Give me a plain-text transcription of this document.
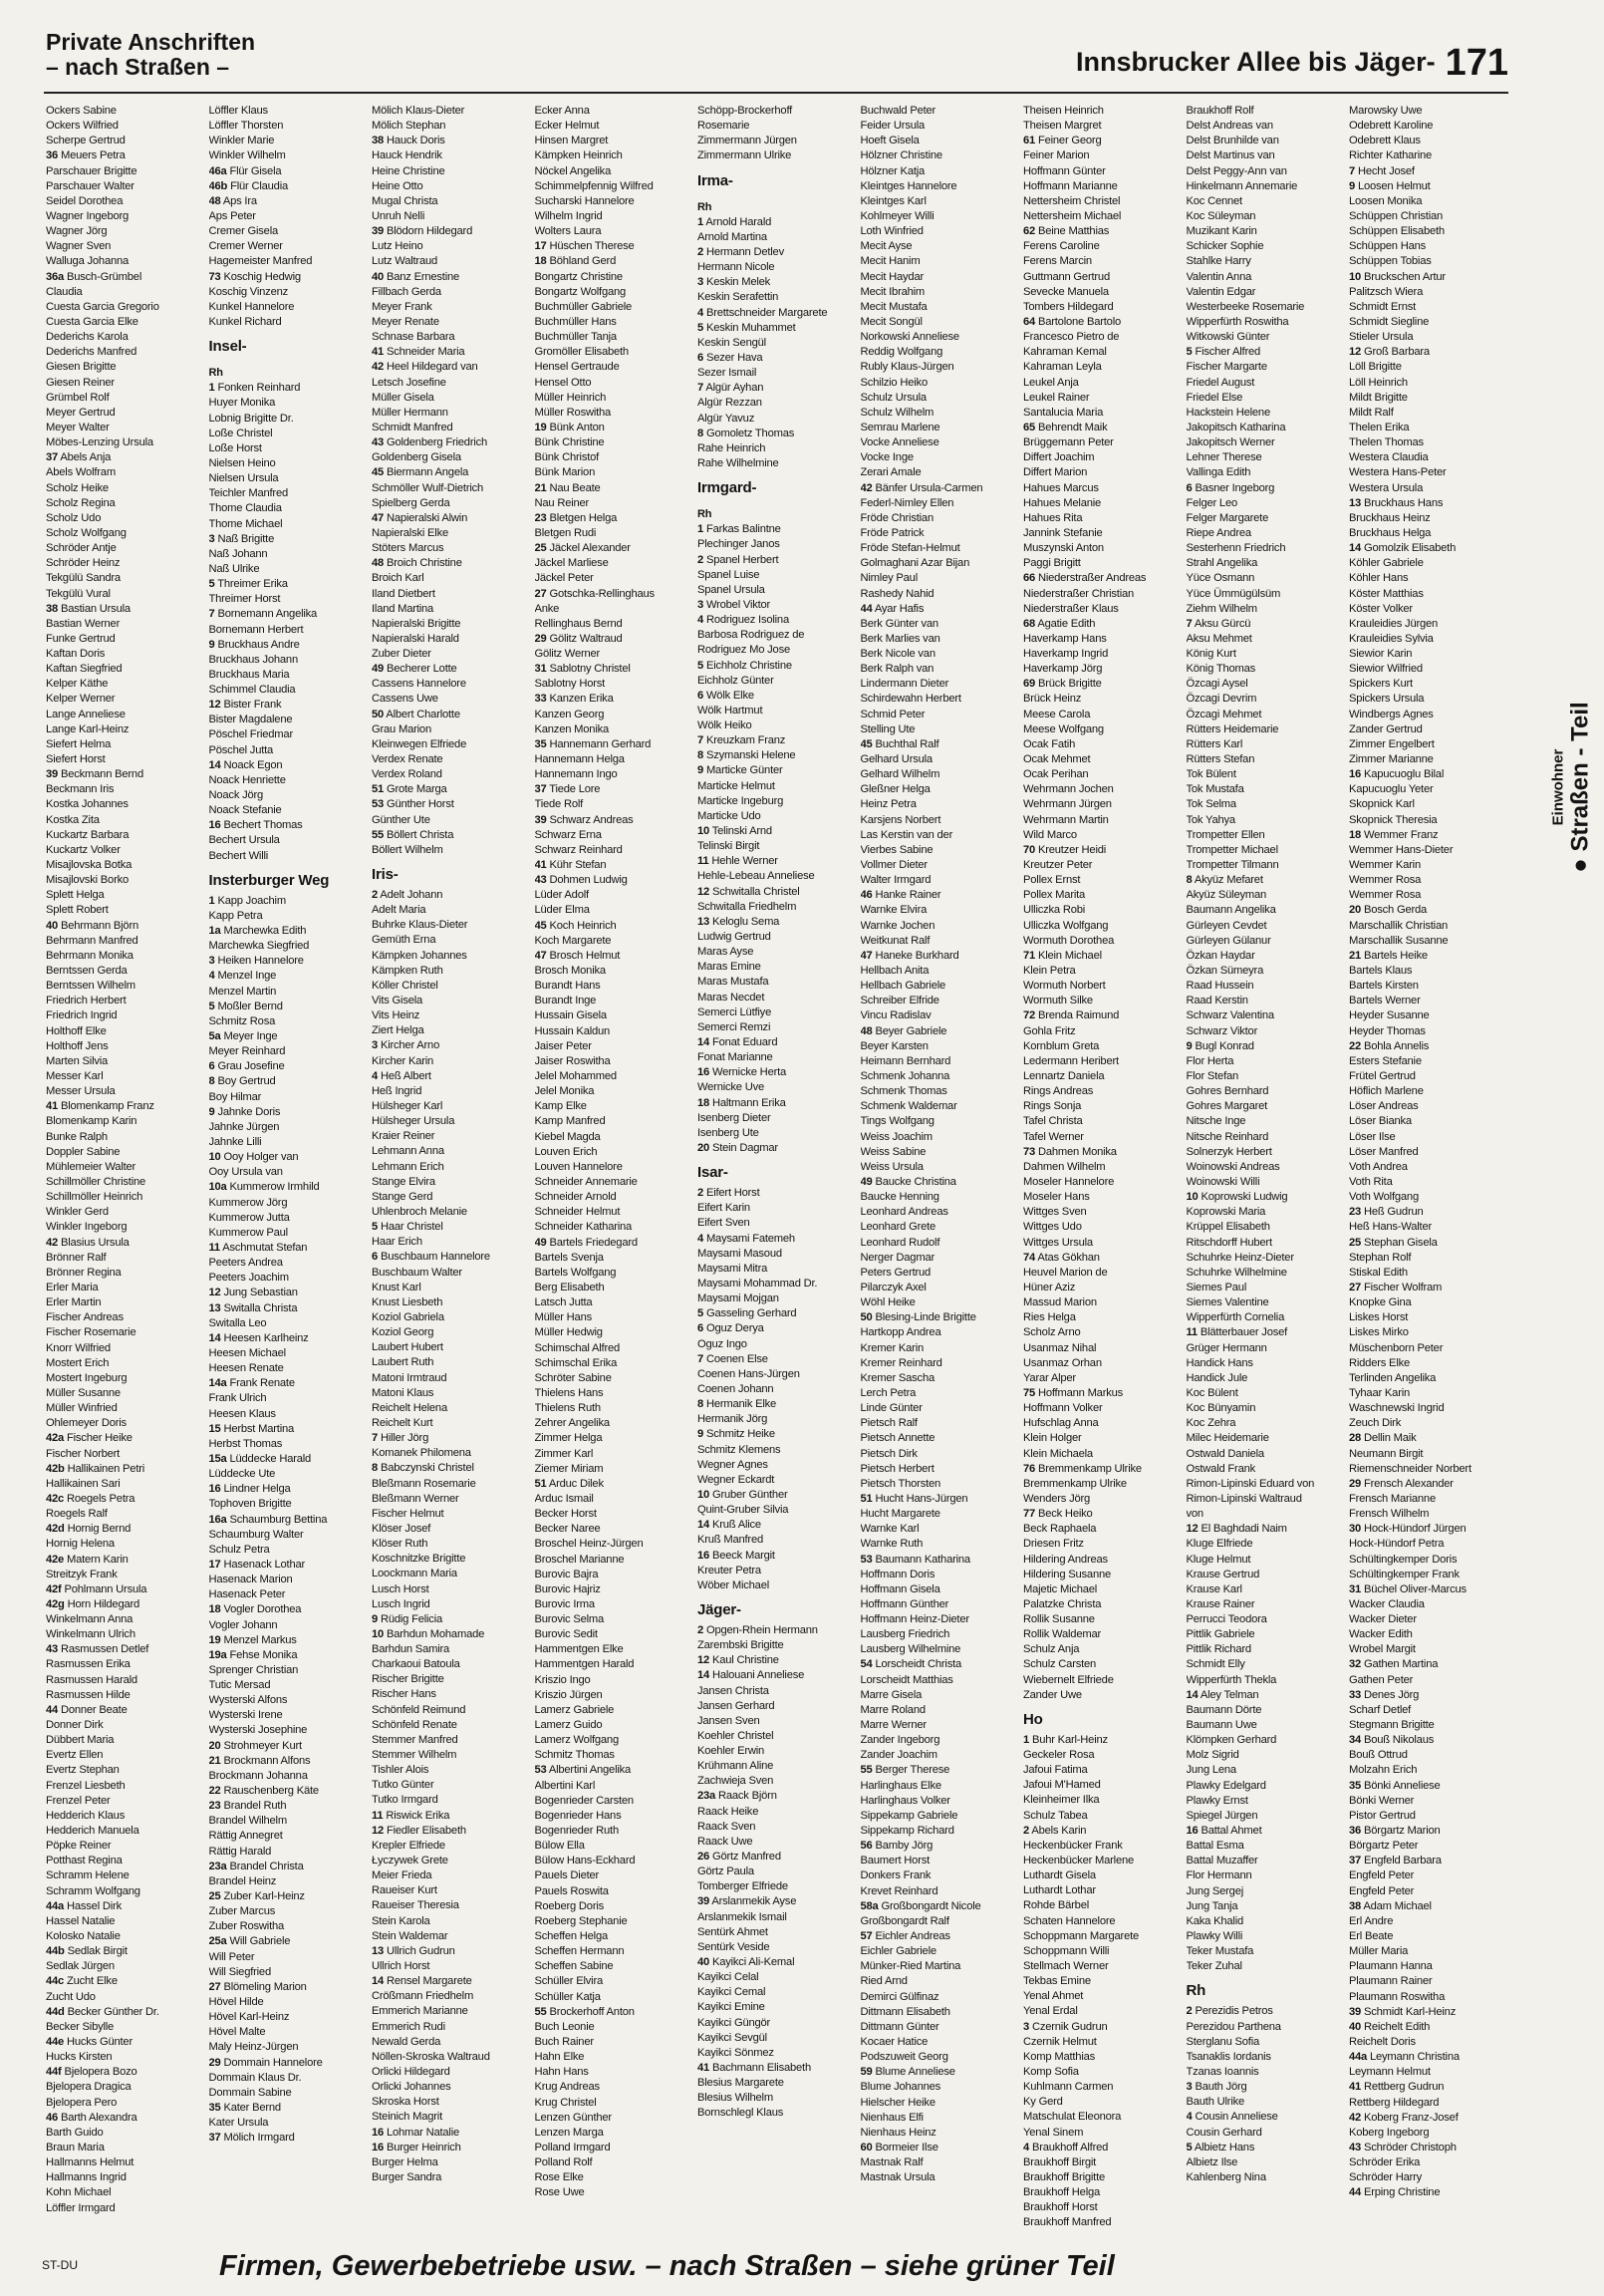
Private Anschriften
– nach Straßen –	Innsbrucker Allee bis Jäger- 171
Ockers Sabine
Ockers Wilfried
Scherpe Gertrud
36 Meuers Petra
Parschauer Brigitte
Parschauer Walter
Seidel Dorothea
Wagner Ingeborg
Wagner Jörg
Wagner Sven
Walluga Johanna
36a Busch-Grümbel
Claudia
Cuesta Garcia Gregorio
Cuesta Garcia Elke
Dederichs Karola
Dederichs Manfred
Giesen Brigitte
Giesen Reiner
Grümbel Rolf
Meyer Gertrud
Meyer Walter
Möbes-Lenzing Ursula
37 Abels Anja
Abels Wolfram
Scholz Heike
Scholz Regina
Scholz Udo
Scholz Wolfgang
Schröder Antje
Schröder Heinz
Tekgülü Sandra
Tekgülü Vural
38 Bastian Ursula
Bastian Werner
Funke Gertrud
Kaftan Doris
Kaftan Siegfried
Kelper Käthe
Kelper Werner
Lange Anneliese
Lange Karl-Heinz
Siefert Helma
Siefert Horst
39 Beckmann Bernd
Beckmann Iris
Kostka Johannes
Kostka Zita
Kuckartz Barbara
Kuckartz Volker
Misajlovska Botka
Misajlovski Borko
Splett Helga
Splett Robert
40 Behrmann Björn
Behrmann Manfred
Behrmann Monika
Berntssen Gerda
Berntssen Wilhelm
Friedrich Herbert
Friedrich Ingrid
Holthoff Elke
Holthoff Jens
Marten Silvia
Messer Karl
Messer Ursula
41 Blomenkamp Franz
Blomenkamp Karin
Bunke Ralph
Doppler Sabine
Mühlemeier Walter
Schillmöller Christine
Schillmöller Heinrich
Winkler Gerd
Winkler Ingeborg
42 Blasius Ursula
Brönner Ralf
Brönner Regina
Erler Maria
Erler Martin
Fischer Andreas
Fischer Rosemarie
Knorr Wilfried
Mostert Erich
Mostert Ingeburg
Müller Susanne
Müller Winfried
Ohlemeyer Doris
42a Fischer Heike
Fischer Norbert
42b Hallikainen Petri
Hallikainen Sari
42c Roegels Petra
Roegels Ralf
42d Hornig Bernd
Hornig Helena
42e Matern Karin
Streitzyk Frank
42f Pohlmann Ursula
42g Horn Hildegard
Winkelmann Anna
Winkelmann Ulrich
43 Rasmussen Detlef
Rasmussen Erika
Rasmussen Harald
Rasmussen Hilde
44 Donner Beate
Donner Dirk
Dübbert Maria
Evertz Ellen
Evertz Stephan
Frenzel Liesbeth
Frenzel Peter
Hedderich Klaus
Hedderich Manuela
Pöpke Reiner
Potthast Regina
Schramm Helene
Schramm Wolfgang
44a Hassel Dirk
Hassel Natalie
Kolosko Natalie
44b Sedlak Birgit
Sedlak Jürgen
44c Zucht Elke
Zucht Udo
44d Becker Günther Dr.
Becker Sibylle
44e Hucks Günter
Hucks Kirsten
44f Bjelopera Bozo
Bjelopera Dragica
Bjelopera Pero
46 Barth Alexandra
Barth Guido
Braun Maria
Hallmanns Helmut
Hallmanns Ingrid
Kohn Michael
Löffler Irmgard
Löffler Klaus
Löffler Thorsten
Winkler Marie
Winkler Wilhelm
46a Flür Gisela
46b Flür Claudia
48 Aps Ira
Aps Peter
Cremer Gisela
Cremer Werner
Hagemeister Manfred
73 Koschig Hedwig
Koschig Vinzenz
Kunkel Hannelore
Kunkel Richard
Insel-
Rh
1 Fonken Reinhard
Huyer Monika
Lobnig Brigitte Dr.
Loße Christel
Loße Horst
Nielsen Heino
Nielsen Ursula
Teichler Manfred
Thome Claudia
Thome Michael
3 Naß Brigitte
Naß Johann
Naß Ulrike
5 Threimer Erika
Threimer Horst
7 Bornemann Angelika
Bornemann Herbert
9 Bruckhaus Andre
Bruckhaus Johann
Bruckhaus Maria
Schimmel Claudia
12 Bister Frank
Bister Magdalene
Pöschel Friedmar
Pöschel Jutta
14 Noack Egon
Noack Henriette
Noack Jörg
Noack Stefanie
16 Bechert Thomas
Bechert Ursula
Bechert Willi
Insterburger Weg
1 Kapp Joachim
Kapp Petra
1a Marchewka Edith
Marchewka Siegfried
3 Heiken Hannelore
4 Menzel Inge
Menzel Martin
5 Moßler Bernd
Schmitz Rosa
5a Meyer Inge
Meyer Reinhard
6 Grau Josefine
8 Boy Gertrud
Boy Hilmar
9 Jahnke Doris
Jahnke Jürgen
Jahnke Lilli
10 Ooy Holger van
Ooy Ursula van
10a Kummerow Irmhild
Kummerow Jörg
Kummerow Jutta
Kummerow Paul
11 Aschmutat Stefan
Peeters Andrea
Peeters Joachim
12 Jung Sebastian
13 Switalla Christa
Switalla Leo
14 Heesen Karlheinz
Heesen Michael
Heesen Renate
14a Frank Renate
Frank Ulrich
Heesen Klaus
15 Herbst Martina
Herbst Thomas
15a Lüddecke Harald
Lüddecke Ute
16 Lindner Helga
Tophoven Brigitte
16a Schaumburg Bettina
Schaumburg Walter
Schulz Petra
17 Hasenack Lothar
Hasenack Marion
Hasenack Peter
18 Vogler Dorothea
Vogler Johann
19 Menzel Markus
19a Fehse Monika
Sprenger Christian
Tutic Mersad
Wysterski Alfons
Wysterski Irene
Wysterski Josephine
20 Strohmeyer Kurt
21 Brockmann Alfons
Brockmann Johanna
22 Rauschenberg Käte
23 Brandel Ruth
Brandel Wilhelm
Rättig Annegret
Rättig Harald
23a Brandel Christa
Brandel Heinz
25 Zuber Karl-Heinz
Zuber Marcus
Zuber Roswitha
25a Will Gabriele
Will Peter
Will Siegfried
27 Blömeling Marion
Hövel Hilde
Hövel Karl-Heinz
Hövel Malte
Maly Heinz-Jürgen
29 Dommain Hannelore
Dommain Klaus Dr.
Dommain Sabine
35 Kater Bernd
Kater Ursula
37 Mölich Irmgard
Mölich Klaus-Dieter
Mölich Stephan
38 Hauck Doris
Hauck Hendrik
Heine Christine
Heine Otto
Mugal Christa
Unruh Nelli
39 Blödorn Hildegard
Lutz Heino
Lutz Waltraud
40 Banz Ernestine
Fillbach Gerda
Meyer Frank
Meyer Renate
Schnase Barbara
41 Schneider Maria
42 Heel Hildegard van
Letsch Josefine
Müller Gisela
Müller Hermann
Schmidt Manfred
43 Goldenberg Friedrich
Goldenberg Gisela
45 Biermann Angela
Schmöller Wulf-Dietrich
Spielberg Gerda
47 Napieralski Alwin
Napieralski Elke
Stöters Marcus
48 Broich Christine
Broich Karl
Iland Dietbert
Iland Martina
Napieralski Brigitte
Napieralski Harald
Zuber Dieter
49 Becherer Lotte
Cassens Hannelore
Cassens Uwe
50 Albert Charlotte
Grau Marion
Kleinwegen Elfriede
Verdex Renate
Verdex Roland
51 Grote Marga
53 Günther Horst
Günther Ute
55 Böllert Christa
Böllert Wilhelm
Iris-
2 Adelt Johann
Adelt Maria
Buhrke Klaus-Dieter
Gemüth Erna
Kämpken Johannes
Kämpken Ruth
Köller Christel
Vits Gisela
Vits Heinz
Ziert Helga
3 Kircher Arno
Kircher Karin
4 Heß Albert
Heß Ingrid
Hülsheger Karl
Hülsheger Ursula
Kraier Reiner
Lehmann Anna
Lehmann Erich
Stange Elvira
Stange Gerd
Uhlenbroch Melanie
5 Haar Christel
Haar Erich
6 Buschbaum Hannelore
Buschbaum Walter
Knust Karl
Knust Liesbeth
Koziol Gabriela
Koziol Georg
Laubert Hubert
Laubert Ruth
Matoni Irmtraud
Matoni Klaus
Reichelt Helena
Reichelt Kurt
7 Hiller Jörg
Komanek Philomena
8 Babczynski Christel
Bleßmann Rosemarie
Bleßmann Werner
Fischer Helmut
Klöser Josef
Klöser Ruth
Koschnitzke Brigitte
Loockmann Maria
Lusch Horst
Lusch Ingrid
9 Rüdig Felicia
10 Barhdun Mohamade
Barhdun Samira
Charkaoui Batoula
Rischer Brigitte
Rischer Hans
Schönfeld Reimund
Schönfeld Renate
Stemmer Manfred
Stemmer Wilhelm
Tishler Alois
Tutko Günter
Tutko Irmgard
11 Riswick Erika
12 Fiedler Elisabeth
Krepler Elfriede
Łyczywek Grete
Meier Frieda
Raueiser Kurt
Raueiser Theresia
Stein Karola
Stein Waldemar
13 Ullrich Gudrun
Ullrich Horst
14 Rensel Margarete
Crößmann Friedhelm
Emmerich Marianne
Emmerich Rudi
Newald Gerda
Nöllen-Skroska Waltraud
Orlicki Hildegard
Orlicki Johannes
Skroska Horst
Steinich Magrit
16 Lohmar Natalie
16 Burger Heinrich
Burger Helma
Burger Sandra
Ecker Anna
Ecker Helmut
Hinsen Margret
Kämpken Heinrich
Nöckel Angelika
Schimmelpfennig Wilfred
Sucharski Hannelore
Wilhelm Ingrid
Wolters Laura
17 Hüschen Therese
18 Böhland Gerd
Bongartz Christine
Bongartz Wolfgang
Buchmüller Gabriele
Buchmüller Hans
Buchmüller Tanja
Gromöller Elisabeth
Hensel Gertraude
Hensel Otto
Müller Heinrich
Müller Roswitha
19 Bünk Anton
Bünk Christine
Bünk Christof
Bünk Marion
21 Nau Beate
Nau Reiner
23 Bletgen Helga
Bletgen Rudi
25 Jäckel Alexander
Jäckel Marliese
Jäckel Peter
27 Gotschka-Rellinghaus
Anke
Rellinghaus Bernd
29 Gölitz Waltraud
Gölitz Werner
31 Sablotny Christel
Sablotny Horst
33 Kanzen Erika
Kanzen Georg
Kanzen Monika
35 Hannemann Gerhard
Hannemann Helga
Hannemann Ingo
37 Tiede Lore
Tiede Rolf
39 Schwarz Andreas
Schwarz Erna
Schwarz Reinhard
41 Kühr Stefan
43 Dohmen Ludwig
Lüder Adolf
Lüder Elma
45 Koch Heinrich
Koch Margarete
47 Brosch Helmut
Brosch Monika
Burandt Hans
Burandt Inge
Hussain Gisela
Hussain Kaldun
Jaiser Peter
Jaiser Roswitha
Jelel Mohammed
Jelel Monika
Kamp Elke
Kamp Manfred
Kiebel Magda
Louven Erich
Louven Hannelore
Schneider Annemarie
Schneider Arnold
Schneider Helmut
Schneider Katharina
49 Bartels Friedegard
Bartels Svenja
Bartels Wolfgang
Berg Elisabeth
Latsch Jutta
Müller Hans
Müller Hedwig
Schimschal Alfred
Schimschal Erika
Schröter Sabine
Thielens Hans
Thielens Ruth
Zehrer Angelika
Zimmer Helga
Zimmer Karl
Ziemer Miriam
51 Arduc Dilek
Arduc Ismail
Becker Horst
Becker Naree
Broschel Heinz-Jürgen
Broschel Marianne
Burovic Bajra
Burovic Hajriz
Burovic Irma
Burovic Selma
Burovic Sedit
Hammentgen Elke
Hammentgen Harald
Kriszio Ingo
Kriszio Jürgen
Lamerz Gabriele
Lamerz Guido
Lamerz Wolfgang
Schmitz Thomas
53 Albertini Angelika
Albertini Karl
Bogenrieder Carsten
Bogenrieder Hans
Bogenrieder Ruth
Bülow Ella
Bülow Hans-Eckhard
Pauels Dieter
Pauels Roswita
Roeberg Doris
Roeberg Stephanie
Scheffen Helga
Scheffen Hermann
Scheffen Sabine
Schüller Elvira
Schüller Katja
55 Brockerhoff Anton
Buch Leonie
Buch Rainer
Hahn Elke
Hahn Hans
Krug Andreas
Krug Christel
Lenzen Günther
Lenzen Marga
Polland Irmgard
Polland Rolf
Rose Elke
Rose Uwe
Schöpp-Brockerhoff
Rosemarie
Zimmermann Jürgen
Zimmermann Ulrike
Irma-
Rh
1 Arnold Harald
Arnold Martina
2 Hermann Detlev
Hermann Nicole
3 Keskin Melek
Keskin Serafettin
4 Brettschneider Margarete
5 Keskin Muhammet
Keskin Sengül
6 Sezer Hava
Sezer Ismail
7 Algür Ayhan
Algür Rezzan
Algür Yavuz
8 Gomoletz Thomas
Rahe Heinrich
Rahe Wilhelmine
Irmgard-
Rh
1 Farkas Balintne
Plechinger Janos
2 Spanel Herbert
Spanel Luise
Spanel Ursula
3 Wrobel Viktor
4 Rodriguez Isolina
Barbosa Rodriguez de
Rodriguez Mo Jose
5 Eichholz Christine
Eichholz Günter
6 Wölk Elke
Wölk Hartmut
Wölk Heiko
7 Kreuzkam Franz
8 Szymanski Helene
9 Marticke Günter
Marticke Helmut
Marticke Ingeburg
Marticke Udo
10 Telinski Arnd
Telinski Birgit
11 Hehle Werner
Hehle-Lebeau Anneliese
12 Schwitalla Christel
Schwitalla Friedhelm
13 Keloglu Sema
Ludwig Gertrud
Maras Ayse
Maras Emine
Maras Mustafa
Maras Necdet
Semerci Lütfiye
Semerci Remzi
14 Fonat Eduard
Fonat Marianne
16 Wernicke Herta
Wernicke Uve
18 Haltmann Erika
Isenberg Dieter
Isenberg Ute
20 Stein Dagmar
Isar-
2 Eifert Horst
Eifert Karin
Eifert Sven
4 Maysami Fatemeh
Maysami Masoud
Maysami Mitra
Maysami Mohammad Dr.
Maysami Mojgan
5 Gasseling Gerhard
6 Oguz Derya
Oguz Ingo
7 Coenen Else
Coenen Hans-Jürgen
Coenen Johann
8 Hermanik Elke
Hermanik Jörg
9 Schmitz Heike
Schmitz Klemens
Wegner Agnes
Wegner Eckardt
10 Gruber Günther
Quint-Gruber Silvia
14 Kruß Alice
Kruß Manfred
16 Beeck Margit
Kreuter Petra
Wöber Michael
Jäger-
2 Opgen-Rhein Hermann
Zarembski Brigitte
12 Kaul Christine
14 Halouani Anneliese
Jansen Christa
Jansen Gerhard
Jansen Sven
Koehler Christel
Koehler Erwin
Krühmann Aline
Zachwieja Sven
23a Raack Björn
Raack Heike
Raack Sven
Raack Uwe
26 Görtz Manfred
Görtz Paula
Tomberger Elfriede
39 Arslanmekik Ayse
Arslanmekik Ismail
Sentürk Ahmet
Sentürk Veside
40 Kayikci Ali-Kemal
Kayikci Celal
Kayikci Cemal
Kayikci Emine
Kayikci Güngör
Kayikci Sevgül
Kayikci Sönmez
41 Bachmann Elisabeth
Blesius Margarete
Blesius Wilhelm
Bornschlegl Klaus
Buchwald Peter
Feider Ursula
Hoeft Gisela
Hölzner Christine
Hölzner Katja
Kleintges Hannelore
Kleintges Karl
Kohlmeyer Willi
Loth Winfried
Mecit Ayse
Mecit Hanim
Mecit Haydar
Mecit Ibrahim
Mecit Mustafa
Mecit Songül
Norkowski Anneliese
Reddig Wolfgang
Rubly Klaus-Jürgen
Schilzio Heiko
Schulz Ursula
Schulz Wilhelm
Semrau Marlene
Vocke Anneliese
Vocke Inge
Zerari Amale
42 Bänfer Ursula-Carmen
Federl-Nimley Ellen
Fröde Christian
Fröde Patrick
Fröde Stefan-Helmut
Golmaghani Azar Bijan
Nimley Paul
Rashedy Nahid
44 Ayar Hafis
Berk Günter van
Berk Marlies van
Berk Nicole van
Berk Ralph van
Lindermann Dieter
Schirdewahn Herbert
Schmid Peter
Stelling Ute
45 Buchthal Ralf
Gelhard Ursula
Gelhard Wilhelm
Gleßner Helga
Heinz Petra
Karsjens Norbert
Las Kerstin van der
Vierbes Sabine
Vollmer Dieter
Walter Irmgard
46 Hanke Rainer
Warnke Elvira
Warnke Jochen
Weitkunat Ralf
47 Haneke Burkhard
Hellbach Anita
Hellbach Gabriele
Schreiber Elfride
Vincu Radislav
48 Beyer Gabriele
Beyer Karsten
Heimann Bernhard
Schmenk Johanna
Schmenk Thomas
Schmenk Waldemar
Tings Wolfgang
Weiss Joachim
Weiss Sabine
Weiss Ursula
49 Baucke Christina
Baucke Henning
Leonhard Andreas
Leonhard Grete
Leonhard Rudolf
Nerger Dagmar
Peters Gertrud
Pilarczyk Axel
Wöhl Heike
50 Blesing-Linde Brigitte
Hartkopp Andrea
Kremer Karin
Kremer Reinhard
Kremer Sascha
Lerch Petra
Linde Günter
Pietsch Ralf
Pietsch Annette
Pietsch Dirk
Pietsch Herbert
Pietsch Thorsten
51 Hucht Hans-Jürgen
Hucht Margarete
Warnke Karl
Warnke Ruth
53 Baumann Katharina
Hoffmann Doris
Hoffmann Gisela
Hoffmann Günther
Hoffmann Heinz-Dieter
Lausberg Friedrich
Lausberg Wilhelmine
54 Lorscheidt Christa
Lorscheidt Matthias
Marre Gisela
Marre Roland
Marre Werner
Zander Ingeborg
Zander Joachim
55 Berger Therese
Harlinghaus Elke
Harlinghaus Volker
Sippekamp Gabriele
Sippekamp Richard
56 Bamby Jörg
Baumert Horst
Donkers Frank
Krevet Reinhard
58a Großbongardt Nicole
Großbongardt Ralf
57 Eichler Andreas
Eichler Gabriele
Münker-Ried Martina
Ried Arnd
Demirci Gülfinaz
Dittmann Elisabeth
Dittmann Günter
Kocaer Hatice
Podszuweit Georg
59 Blume Anneliese
Blume Johannes
Hielscher Heike
Nienhaus Elfi
Nienhaus Heinz
60 Bormeier Ilse
Mastnak Ralf
Mastnak Ursula
Theisen Heinrich
Theisen Margret
61 Feiner Georg
Feiner Marion
Hoffmann Günter
Hoffmann Marianne
Nettersheim Christel
Nettersheim Michael
62 Beine Matthias
Ferens Caroline
Ferens Marcin
Guttmann Gertrud
Sevecke Manuela
Tombers Hildegard
64 Bartolone Bartolo
Francesco Pietro de
Kahraman Kemal
Kahraman Leyla
Leukel Anja
Leukel Rainer
Santalucia Maria
65 Behrendt Maik
Brüggemann Peter
Differt Joachim
Differt Marion
Hahues Marcus
Hahues Melanie
Hahues Rita
Jannink Stefanie
Muszynski Anton
Paggi Brigitt
66 Niederstraßer Andreas
Niederstraßer Christian
Niederstraßer Klaus
68 Agatie Edith
Haverkamp Hans
Haverkamp Ingrid
Haverkamp Jörg
69 Brück Brigitte
Brück Heinz
Meese Carola
Meese Wolfgang
Ocak Fatih
Ocak Mehmet
Ocak Perihan
Wehrmann Jochen
Wehrmann Jürgen
Wehrmann Martin
Wild Marco
70 Kreutzer Heidi
Kreutzer Peter
Pollex Ernst
Pollex Marita
Ulliczka Robi
Ulliczka Wolfgang
Wormuth Dorothea
71 Klein Michael
Klein Petra
Wormuth Norbert
Wormuth Silke
72 Brenda Raimund
Gohla Fritz
Kornblum Greta
Ledermann Heribert
Lennartz Daniela
Rings Andreas
Rings Sonja
Tafel Christa
Tafel Werner
73 Dahmen Monika
Dahmen Wilhelm
Moseler Hannelore
Moseler Hans
Wittges Sven
Wittges Udo
Wittges Ursula
74 Atas Gökhan
Heuvel Marion de
Hüner Aziz
Massud Marion
Ries Helga
Scholz Arno
Usanmaz Nihal
Usanmaz Orhan
Yarar Alper
75 Hoffmann Markus
Hoffmann Volker
Hufschlag Anna
Klein Holger
Klein Michaela
76 Bremmenkamp Ulrike
Bremmenkamp Ulrike
Wenders Jörg
77 Beck Heiko
Beck Raphaela
Driesen Fritz
Hildering Andreas
Hildering Susanne
Majetic Michael
Palatzke Christa
Rollik Susanne
Rollik Waldemar
Schulz Anja
Schulz Carsten
Wiebernelt Elfriede
Zander Uwe
Ho
1 Buhr Karl-Heinz
Geckeler Rosa
Jafoui Fatima
Jafoui M'Hamed
Kleinheimer Ilka
Schulz Tabea
2 Abels Karin
Heckenbücker Frank
Heckenbücker Marlene
Luthardt Gisela
Luthardt Lothar
Rohde Bärbel
Schaten Hannelore
Schoppmann Margarete
Schoppmann Willi
Stellmach Werner
Tekbas Emine
Yenal Ahmet
Yenal Erdal
3 Czernik Gudrun
Czernik Helmut
Komp Matthias
Komp Sofia
Kuhlmann Carmen
Ky Gerd
Matschulat Eleonora
Yenal Sinem
4 Braukhoff Alfred
Braukhoff Birgit
Braukhoff Brigitte
Braukhoff Helga
Braukhoff Horst
Braukhoff Manfred
Braukhoff Rolf
Delst Andreas van
Delst Brunhilde van
Delst Martinus van
Delst Peggy-Ann van
Hinkelmann Annemarie
Koc Cennet
Koc Süleyman
Muzikant Karin
Schicker Sophie
Stahlke Harry
Valentin Anna
Valentin Edgar
Westerbeeke Rosemarie
Wipperfürth Roswitha
Witkowski Günter
5 Fischer Alfred
Fischer Margarte
Friedel August
Friedel Else
Hackstein Helene
Jakopitsch Katharina
Jakopitsch Werner
Lehner Therese
Vallinga Edith
6 Basner Ingeborg
Felger Leo
Felger Margarete
Riepe Andrea
Sesterhenn Friedrich
Strahl Angelika
Yüce Osmann
Yüce Ümmügülsüm
Ziehm Wilhelm
7 Aksu Gürcü
Aksu Mehmet
König Kurt
König Thomas
Özcagi Aysel
Özcagi Devrim
Özcagi Mehmet
Rütters Heidemarie
Rütters Karl
Rütters Stefan
Tok Bülent
Tok Mustafa
Tok Selma
Tok Yahya
Trompetter Ellen
Trompetter Michael
Trompetter Tilmann
8 Akyüz Mefaret
Akyüz Süleyman
Baumann Angelika
Gürleyen Cevdet
Gürleyen Gülanur
Özkan Haydar
Özkan Sümeyra
Raad Hussein
Raad Kerstin
Schwarz Valentina
Schwarz Viktor
9 Bugl Konrad
Flor Herta
Flor Stefan
Gohres Bernhard
Gohres Margaret
Nitsche Inge
Nitsche Reinhard
Solnerzyk Herbert
Woinowski Andreas
Woinowski Willi
10 Koprowski Ludwig
Koprowski Maria
Krüppel Elisabeth
Ritschdorff Hubert
Schuhrke Heinz-Dieter
Schuhrke Wilhelmine
Siemes Paul
Siemes Valentine
Wipperfürth Cornelia
11 Blätterbauer Josef
Grüger Hermann
Handick Hans
Handick Jule
Koc Bülent
Koc Bünyamin
Koc Zehra
Milec Heidemarie
Ostwald Daniela
Ostwald Frank
Rimon-Lipinski Eduard von
Rimon-Lipinski Waltraud
von
12 El Baghdadi Naim
Kluge Elfriede
Kluge Helmut
Krause Gertrud
Krause Karl
Krause Rainer
Perrucci Teodora
Pittlik Gabriele
Pittlik Richard
Schmidt Elly
Wipperfürth Thekla
14 Aley Telman
Baumann Dörte
Baumann Uwe
Klömpken Gerhard
Molz Sigrid
Jung Lena
Plawky Edelgard
Plawky Ernst
Spiegel Jürgen
16 Battal Ahmet
Battal Esma
Battal Muzaffer
Flor Hermann
Jung Sergej
Jung Tanja
Kaka Khalid
Plawky Willi
Teker Mustafa
Teker Zuhal
Rh
2 Perezidis Petros
Perezidou Parthena
Sterglanu Sofia
Tsanaklis Iordanis
Tzanas Ioannis
3 Bauth Jörg
Bauth Ulrike
4 Cousin Anneliese
Cousin Gerhard
5 Albietz Hans
Albietz Ilse
Kahlenberg Nina
Marowsky Uwe
Odebrett Karoline
Odebrett Klaus
Richter Katharine
7 Hecht Josef
9 Loosen Helmut
Loosen Monika
Schüppen Christian
Schüppen Elisabeth
Schüppen Hans
Schüppen Tobias
10 Bruckschen Artur
Palitzsch Wiera
Schmidt Ernst
Schmidt Siegline
Stieler Ursula
12 Groß Barbara
Löll Brigitte
Löll Heinrich
Mildt Brigitte
Mildt Ralf
Thelen Erika
Thelen Thomas
Westera Claudia
Westera Hans-Peter
Westera Ursula
13 Bruckhaus Hans
Bruckhaus Heinz
Bruckhaus Helga
14 Gomolzik Elisabeth
Köhler Gabriele
Köhler Hans
Köster Matthias
Köster Volker
Krauleidies Jürgen
Krauleidies Sylvia
Siewior Karin
Siewior Wilfried
Spickers Kurt
Spickers Ursula
Windbergs Agnes
Zander Gertrud
Zimmer Engelbert
Zimmer Marianne
16 Kapucuoglu Bilal
Kapucuoglu Yeter
Skopnick Karl
Skopnick Theresia
18 Wemmer Franz
Wemmer Hans-Dieter
Wemmer Karin
Wemmer Rosa
Wemmer Rosa
20 Bosch Gerda
Marschallik Christian
Marschallik Susanne
21 Bartels Heike
Bartels Klaus
Bartels Kirsten
Bartels Werner
Heyder Susanne
Heyder Thomas
22 Bohla Annelis
Esters Stefanie
Frütel Gertrud
Höflich Marlene
Löser Andreas
Löser Bianka
Löser Ilse
Löser Manfred
Voth Andrea
Voth Rita
Voth Wolfgang
23 Heß Gudrun
Heß Hans-Walter
25 Stephan Gisela
Stephan Rolf
Stiskal Edith
27 Fischer Wolfram
Knopke Gina
Liskes Horst
Liskes Mirko
Müschenborn Peter
Ridders Elke
Terlinden Angelika
Tyhaar Karin
Waschnewski Ingrid
Zeuch Dirk
28 Dellin Maik
Neumann Birgit
Riemenschneider Norbert
29 Frensch Alexander
Frensch Marianne
Frensch Wilhelm
30 Hock-Hündorf Jürgen
Hock-Hündorf Petra
Schültingkemper Doris
Schültingkemper Frank
31 Büchel Oliver-Marcus
Wacker Claudia
Wacker Dieter
Wacker Edith
Wrobel Margit
32 Gathen Martina
Gathen Peter
33 Denes Jörg
Scharf Detlef
Stegmann Brigitte
34 Bouß Nikolaus
Bouß Ottrud
Molzahn Erich
35 Bönki Anneliese
Bönki Werner
Pistor Gertrud
36 Börgartz Marion
Börgartz Peter
37 Engfeld Barbara
Engfeld Peter
Engfeld Peter
38 Adam Michael
Erl Andre
Erl Beate
Müller Maria
Plaumann Hanna
Plaumann Rainer
Plaumann Roswitha
39 Schmidt Karl-Heinz
40 Reichelt Edith
Reichelt Doris
44a Leymann Christina
Leymann Helmut
41 Rettberg Gudrun
Rettberg Hildegard
42 Koberg Franz-Josef
Koberg Ingeborg
43 Schröder Christoph
Schröder Erika
Schröder Harry
44 Erping Christine
Einwohner ● Straßen - Teil
ST-DU	Firmen, Gewerbebetriebe usw. – nach Straßen – siehe grüner Teil
